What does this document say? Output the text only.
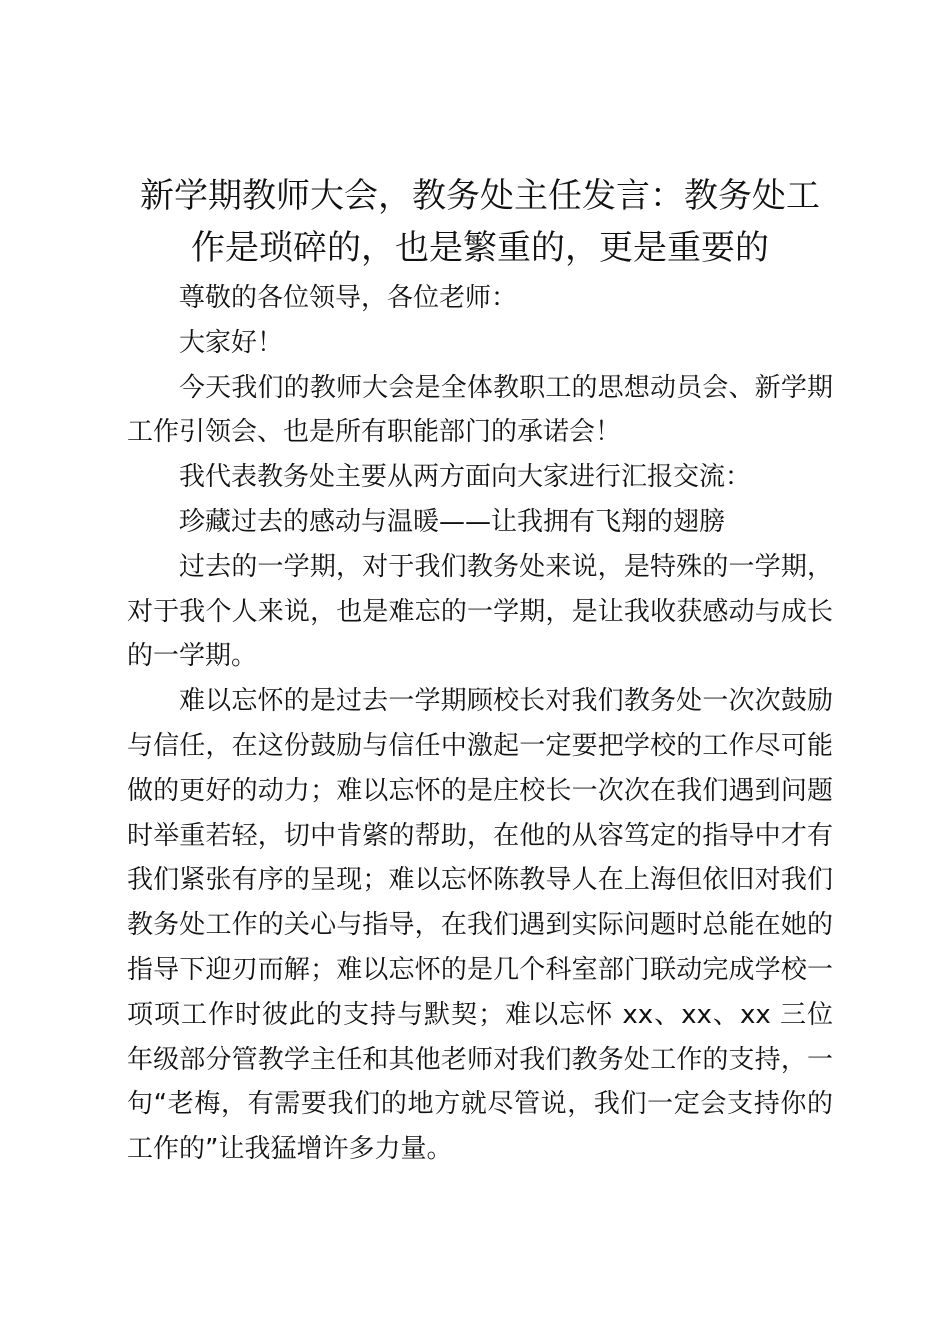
新学期教师大会，教务处主任发言：教务处工作是琐碎的，也是繁重的，更是重要的

尊敬的各位领导，各位老师：

大家好！

今天我们的教师大会是全体教职工的思想动员会、新学期工作引领会、也是所有职能部门的承诺会！

我代表教务处主要从两方面向大家进行汇报交流：

珍藏过去的感动与温暖——让我拥有飞翔的翅膀

过去的一学期，对于我们教务处来说，是特殊的一学期，对于我个人来说，也是难忘的一学期，是让我收获感动与成长的一学期。

难以忘怀的是过去一学期顾校长对我们教务处一次次鼓励与信任，在这份鼓励与信任中激起一定要把学校的工作尽可能做的更好的动力；难以忘怀的是庄校长一次次在我们遇到问题时举重若轻，切中肯綮的帮助，在他的从容笃定的指导中才有我们紧张有序的呈现；难以忘怀陈教导人在上海但依旧对我们教务处工作的关心与指导，在我们遇到实际问题时总能在她的指导下迎刃而解；难以忘怀的是几个科室部门联动完成学校一项项工作时彼此的支持与默契；难以忘怀 xx、xx、xx 三位年级部分管教学主任和其他老师对我们教务处工作的支持，一句“老梅，有需要我们的地方就尽管说，我们一定会支持你的工作的”让我猛增许多力量。
